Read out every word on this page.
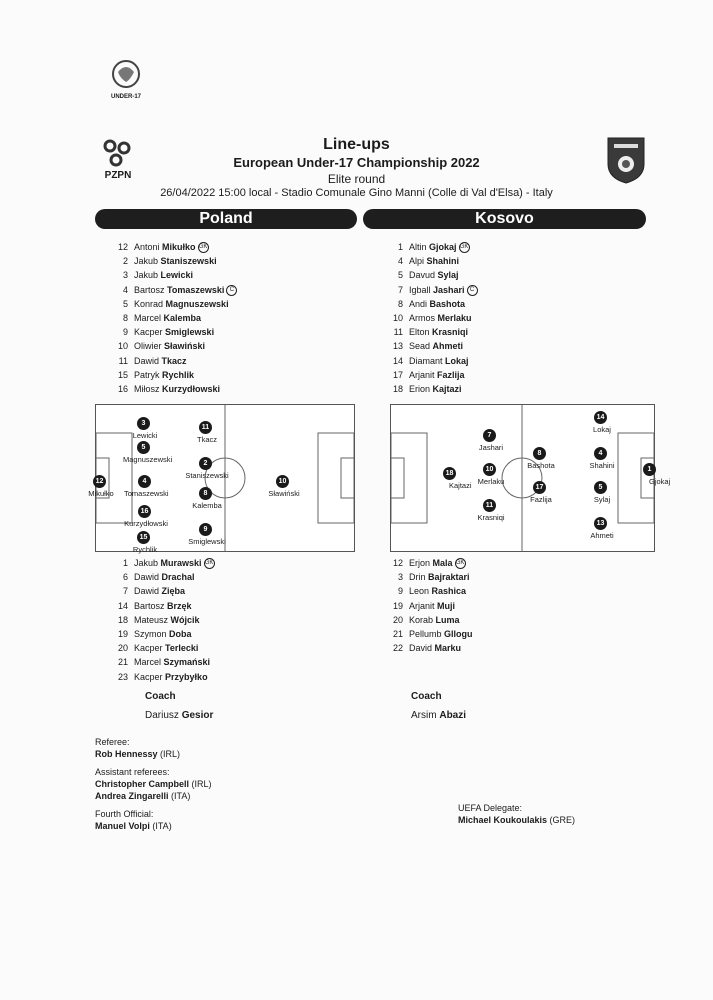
UNDER-17
PZPN
Line-ups
European Under-17 Championship 2022
Elite round
26/04/2022 15:00 local - Stadio Comunale Gino Manni (Colle di Val d'Elsa) - Italy
Poland	Kosovo
12 Antoni Mikułko GK
2 Jakub Staniszewski
3 Jakub Lewicki
4 Bartosz Tomaszewski C
5 Konrad Magnuszewski
8 Marcel Kalemba
9 Kacper Smiglewski
10 Oliwier Sławiński
11 Dawid Tkacz
15 Patryk Rychlik
16 Miłosz Kurzydłowski
1 Altin Gjokaj GK
4 Alpi Shahini
5 Davud Sylaj
7 Igball Jashari C
8 Andi Bashota
10 Armos Merlaku
11 Elton Krasniqi
13 Sead Ahmeti
14 Diamant Lokaj
17 Arjanit Fazlija
18 Erion Kajtazi
12
Mikułko
3
Lewicki
5
Magnuszewski
4
Tomaszewski
16
Kurzydłowski
15
Rychlik
11
Tkacz
2
Staniszewski
8
Kalemba
9
Smiglewski
10
Sławiński
18
Kajtazi
7
Jashari
10
Merlaku
11
Krasniqi
8
Bashota
17
Fazlija
14
Lokaj
4
Shahini
5
Sylaj
13
Ahmeti
1
Gjokaj
1 Jakub Murawski GK
6 Dawid Drachal
7 Dawid Zięba
14 Bartosz Brzęk
18 Mateusz Wójcik
19 Szymon Doba
20 Kacper Terlecki
21 Marcel Szymański
23 Kacper Przybyłko
12 Erjon Mala GK
3 Drin Bajraktari
9 Leon Rashica
19 Arjanit Muji
20 Korab Luma
21 Pellumb Gllogu
22 David Marku
Coach
Dariusz Gesior
Coach
Arsim Abazi
Referee:
Rob Hennessy (IRL)
Assistant referees:
Christopher Campbell (IRL)
Andrea Zingarelli (ITA)
Fourth Official:
Manuel Volpi (ITA)
UEFA Delegate:
Michael Koukoulakis (GRE)
